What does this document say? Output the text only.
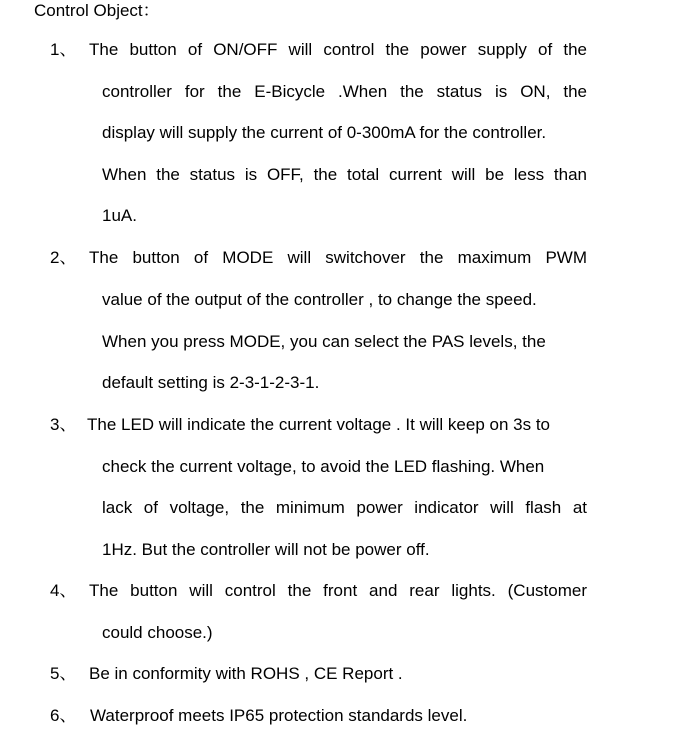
Control Object：
1、 The button of ON/OFF will control the power supply of the
controller for the E-Bicycle .When the status is ON, the
display will supply the current of 0-300mA for the controller.
When the status is OFF, the total current will be less than
1uA.
2、 The button of MODE will switchover the maximum PWM
value of the output of the controller , to change the speed.
When you press MODE, you can select the PAS levels, the
default setting is 2-3-1-2-3-1.
3、 The LED will indicate the current voltage . It will keep on 3s to
check the current voltage, to avoid the LED flashing. When
lack of voltage, the minimum power indicator will flash at
1Hz. But the controller will not be power off.
4、 The button will control the front and rear lights. (Customer
could choose.)
5、 Be in conformity with ROHS , CE Report .
6、 Waterproof meets IP65 protection standards level.
